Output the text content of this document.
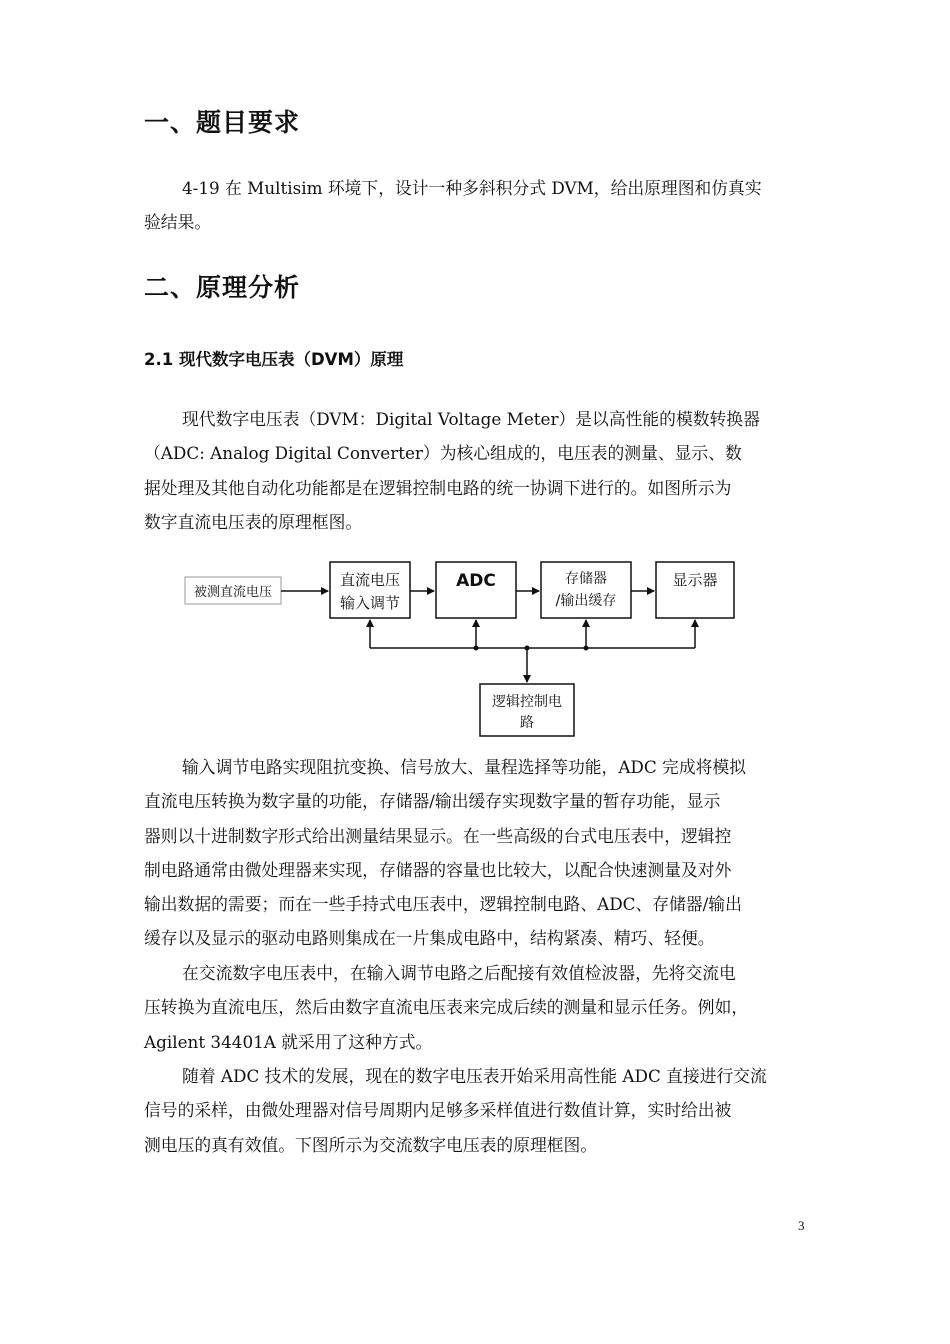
一、题目要求

4-19 在 Multisim 环境下，设计一种多斜积分式 DVM，给出原理图和仿真实
验结果。

二、原理分析
2.1 现代数字电压表（DVM）原理

现代数字电压表（DVM：Digital Voltage Meter）是以高性能的模数转换器
（ADC: Analog Digital Converter）为核心组成的，电压表的测量、显示、数
据处理及其他自动化功能都是在逻辑控制电路的统一协调下进行的。如图所示为
数字直流电压表的原理框图。

被测直流电压
直流电压
输入调节
ADC	存储器
/输出缓存
显示器
逻辑控制电
路

输入调节电路实现阻抗变换、信号放大、量程选择等功能，ADC 完成将模拟
直流电压转换为数字量的功能，存储器/输出缓存实现数字量的暂存功能，显示
器则以十进制数字形式给出测量结果显示。在一些高级的台式电压表中，逻辑控
制电路通常由微处理器来实现，存储器的容量也比较大，以配合快速测量及对外
输出数据的需要；而在一些手持式电压表中，逻辑控制电路、ADC、存储器/输出
缓存以及显示的驱动电路则集成在一片集成电路中，结构紧凑、精巧、轻便。

在交流数字电压表中，在输入调节电路之后配接有效值检波器，先将交流电
压转换为直流电压，然后由数字直流电压表来完成后续的测量和显示任务。例如，
Agilent 34401A 就采用了这种方式。

随着 ADC 技术的发展，现在的数字电压表开始采用高性能 ADC 直接进行交流
信号的采样，由微处理器对信号周期内足够多采样值进行数值计算，实时给出被
测电压的真有效值。下图所示为交流数字电压表的原理框图。

3
